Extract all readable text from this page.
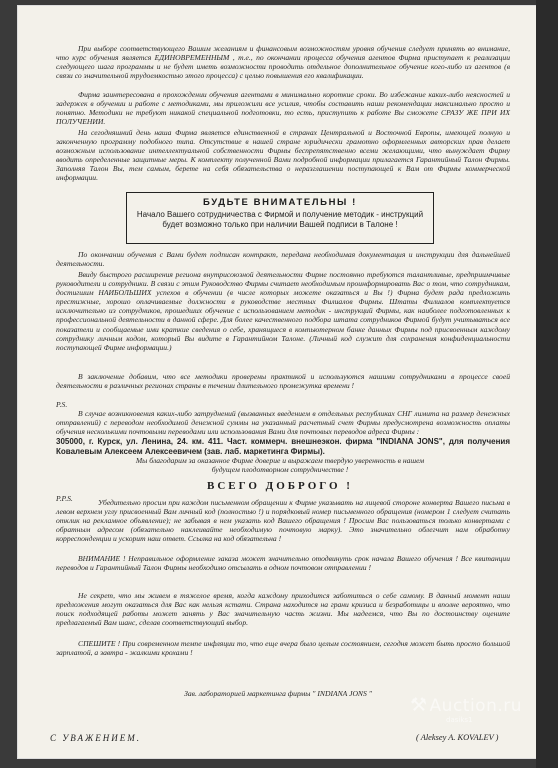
При выборе соответствующего Вашим желаниям и финансовым возможностям уровня обучения следует принять во внимание, что курс обучения является ЕДИНОВРЕМЕННЫМ , т.е., по окончании процесса обучения агентов Фирма приступает к реализации следующего шага программы и не будет иметь возможности проводить отдельное дополнительное обучение кого-либо из агентов (в связи со значительной трудоемкостью этого процесса) с целью повышения его квалификации.

Фирма заинтересована в прохождении обучения агентами в минимально короткие сроки. Во избежание каких-либо неясностей и задержек в обучении и работе с методиками, мы приложили все усилия, чтобы составить наши рекомендации максимально просто и понятно. Методики не требуют никакой специальной подготовки, то есть, приступить к работе Вы сможете СРАЗУ ЖЕ ПРИ ИХ ПОЛУЧЕНИИ.

На сегодняшний день наша Фирма является единственной в странах Центральной и Восточной Европы, имеющей полную и законченную программу подобного типа. Отсутствие в нашей стране юридически грамотно оформленных авторских прав делает возможным использование интеллектуальной собственности Фирмы беспрепятственно всеми желающими, что вынуждает Фирму вводить определенные защитные меры. К комплекту полученной Вами подробной информации прилагается Гарантийный Талон Фирмы. Заполняя Талон Вы, тем самым, берете на себя обязательства о неразглашении поступающей к Вам от Фирмы коммерческой информации.

БУДЬТЕ ВНИМАТЕЛЬНЫ !
Начало Вашего сотрудничества с Фирмой и получение методик - инструкций будет возможно только при наличии Вашей подписи в Талоне !

По окончании обучения с Вами будет подписан контракт, передана необходимая документация и инструкции для дальнейшей деятельности.

Ввиду быстрого расширения региона внутрисоюзной деятельности Фирме постоянно требуются талантливые, предприимчивые руководители и сотрудники. В связи с этим Руководство Фирмы считает необходимым проинформировать Вас о том, что сотрудникам, достигшим НАИБОЛЬШИХ успехов в обучении (в числе которых можете оказаться и Вы !) Фирма будет рада предложить престижные, хорошо оплачиваемые должности в руководстве местных Филиалов Фирмы. Штаты Филиалов комплектуется исключительно из сотрудников, прошедших обучение с использованием методик - инструкций Фирмы, как наиболее подготовленных к профессиональной деятельности в данной сфере. Для более качественного подбора штата сотрудников Фирмой будут учитываться все показатели и сообщаемые ими краткие сведения о себе, хранящиеся в компьютерном банке данных Фирмы под присвоенным каждому сотруднику личным кодом, который Вы видите в Гарантийном Талоне. (Личный код служит для сохранения конфиденциальности поступающей Фирме информации.)

В заключение добавим, что все методики проверены практикой и используются нашими сотрудниками в процессе своей деятельности в различных регионах страны в течении длительного промежутка времени !

P.S.

В случае возникновения каких-либо затруднений (вызванных введением в отдельных республиках СНГ лимита на размер денежных отправлений) с переводом необходимой денежной суммы на указанный расчетный счет Фирмы предусмотрена возможность оплаты обучения несколькими почтовыми переводами или использования Вами для почтовых переводов адреса Фирмы :

305000, г. Курск, ул. Ленина, 24. км. 411. Част. коммерч. внешнеэкон. фирма "INDIANA JONS", для получения Ковалевым Алексеем Алексеевичем (зав. лаб. маркетинга Фирмы).

Мы благодарим за оказанное Фирме доверие и выражаем твердую уверенность в нашем будущем плодотворном сотрудничестве !

ВСЕГО ДОБРОГО !

P.P.S.	Убедительно просим при каждом письменном обращении к Фирме указывать на лицевой стороне конверта Вашего письма в левом верхнем углу присвоенный Вам личный код (полностью !) и порядковый номер письменного обращения (номером 1 следует считать отклик на рекламное объявление); не забывая в нем указать код Вашего обращения ! Просим Вас пользоваться только конвертами с обратным адресом (обязательно наклеивайте необходимую почтовую марку). Это значительно облегчит нам обработку корреспонденции и ускорит наш ответ. Ссылка на код обязательна !

ВНИМАНИЕ ! Неправильное оформление заказа может значительно отодвинуть срок начала Вашего обучения ! Все квитанции переводов и Гарантийный Талон Фирмы необходимо отсылать в одном почтовом отправлении !

Не секрет, что мы живем в тяжелое время, когда каждому приходится заботиться о себе самому. В данный момент наши предложения могут оказаться для Вас как нельзя кстати. Страна находится на грани кризиса и безработицы и вполне вероятно, что поиск подходящей работы может занять у Вас значительную часть жизни. Мы надеемся, что Вы по достоинству оцените предлагаемый Вам шанс, сделав соответствующий выбор.

СПЕШИТЕ ! При современном темпе инфляции то, что еще вчера было целым состоянием, сегодня может быть просто большой зарплатой, а завтра - жалкими крохами !

Зав. лабораторией маркетинга фирмы " INDIANA JONS "

С УВАЖЕНИЕМ.	( Aleksey A. KOVALEV )
⚒ Auction.ru
dasiks1
